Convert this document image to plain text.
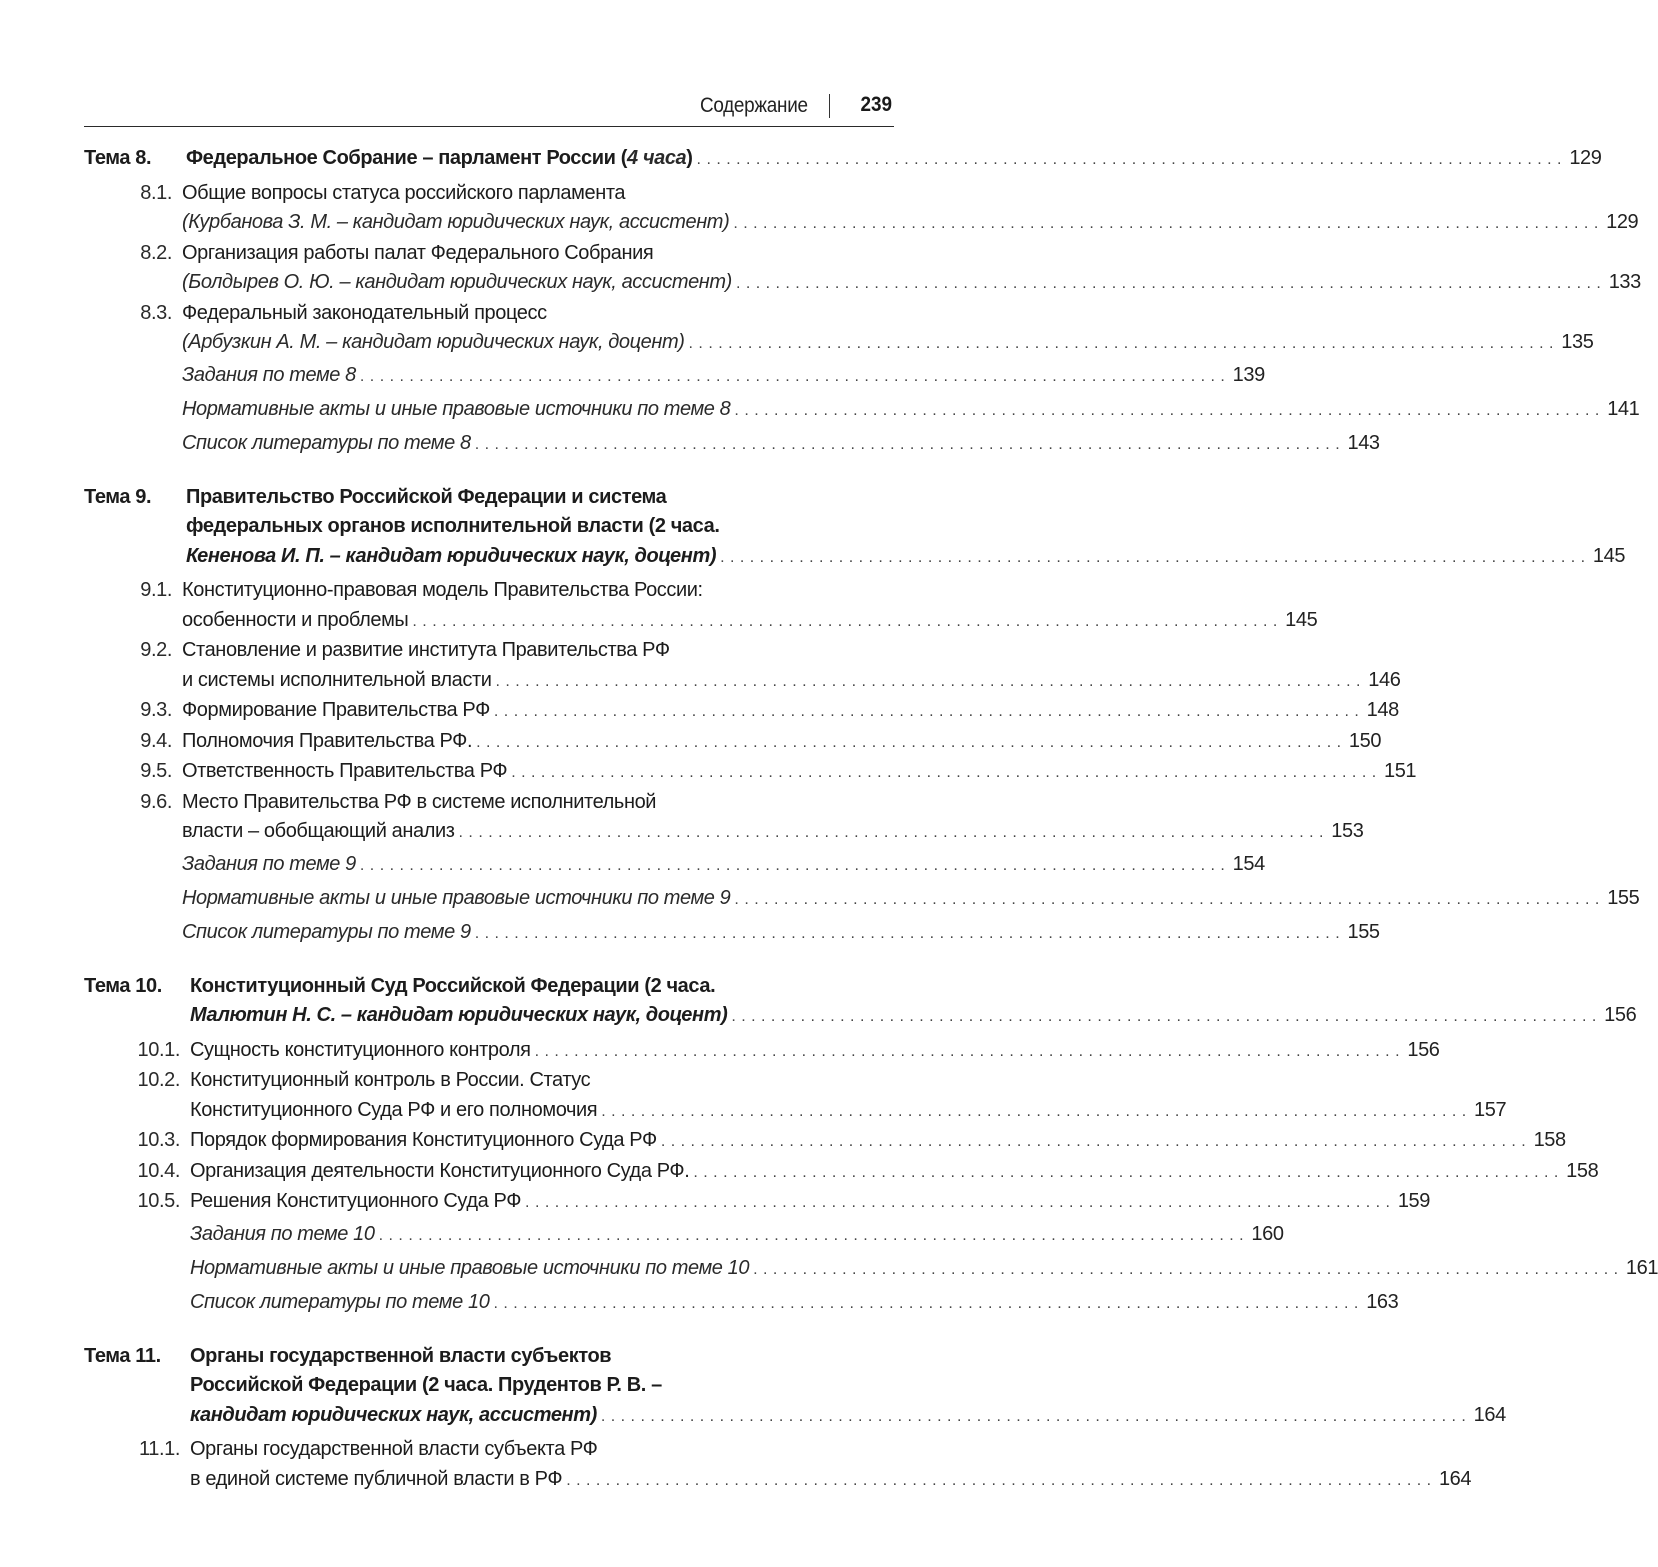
Содержание 239
Тема 8.	Федеральное Собрание – парламент России (4 часа) . . .	129
8.1. Общие вопросы статуса российского парламента
(Курбанова З. М. – кандидат юридических наук, ассистент) . . .	129
8.2. Организация работы палат Федерального Собрания
(Болдырев О. Ю. – кандидат юридических наук, ассистент) . . .	133
8.3. Федеральный законодательный процесс
(Арбузкин А. М. – кандидат юридических наук, доцент) . . .	135
Задания по теме 8 . . .	139
Нормативные акты и иные правовые источники по теме 8 . . .	141
Список литературы по теме 8 . . .	143
Тема 9.	Правительство Российской Федерации и система
федеральных органов исполнительной власти (2 часа.
Кененова И. П. – кандидат юридических наук, доцент) . . .	145
9.1. Конституционно-правовая модель Правительства России:
особенности и проблемы . . .	145
9.2. Становление и развитие института Правительства РФ
и системы исполнительной власти . . .	146
9.3. Формирование Правительства РФ . . .	148
9.4. Полномочия Правительства РФ. . . .	150
9.5. Ответственность Правительства РФ . . .	151
9.6. Место Правительства РФ в системе исполнительной
власти – обобщающий анализ . . .	153
Задания по теме 9 . . .	154
Нормативные акты и иные правовые источники по теме 9 . . .	155
Список литературы по теме 9 . . .	155
Тема 10.	Конституционный Суд Российской Федерации (2 часа.
Малютин Н. С. – кандидат юридических наук, доцент) . . .	156
10.1. Сущность конституционного контроля . . .	156
10.2. Конституционный контроль в России. Статус
Конституционного Суда РФ и его полномочия . . .	157
10.3. Порядок формирования Конституционного Суда РФ . . .	158
10.4. Организация деятельности Конституционного Суда РФ. . . .	158
10.5. Решения Конституционного Суда РФ . . .	159
Задания по теме 10 . . .	160
Нормативные акты и иные правовые источники по теме 10 . . .	161
Список литературы по теме 10 . . .	163
Тема 11.	Органы государственной власти субъектов
Российской Федерации (2 часа. Прудентов Р. В. –
кандидат юридических наук, ассистент) . . .	164
11.1. Органы государственной власти субъекта РФ
в единой системе публичной власти в РФ . . .	164
